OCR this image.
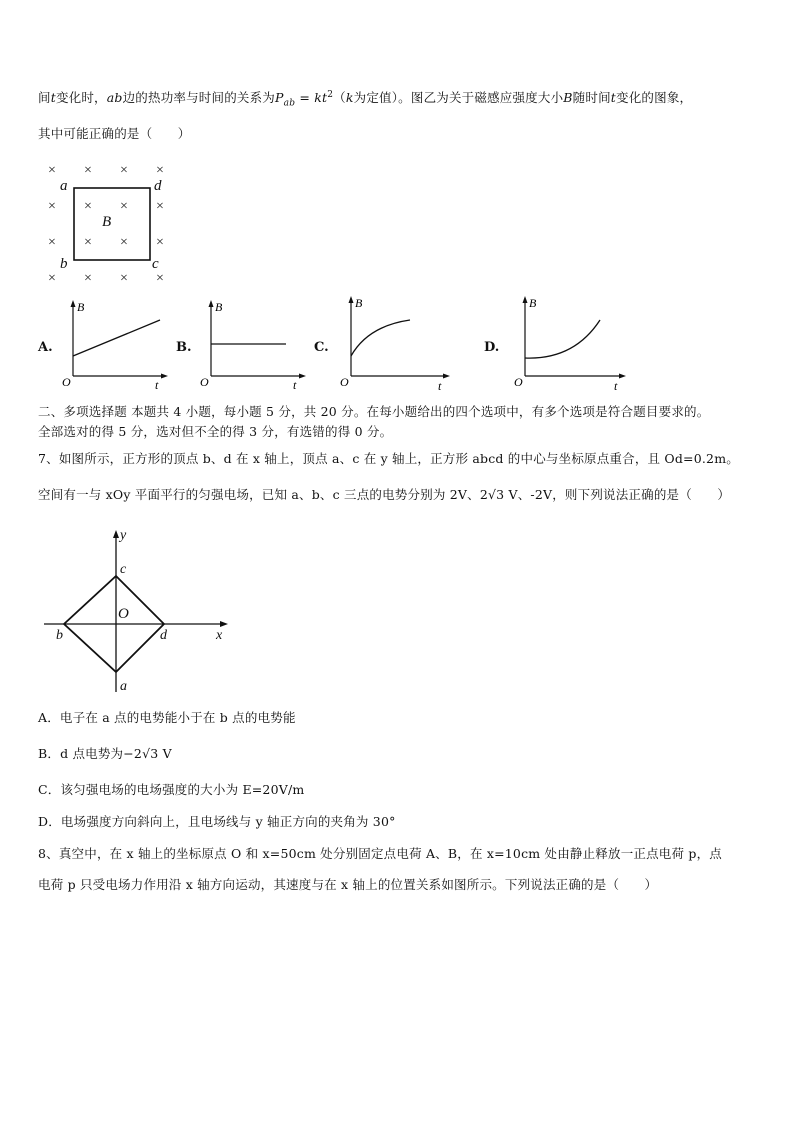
间t变化时，ab边的热功率与时间的关系为$P_{ab} = kt^2(k$为定值）。图乙为关于磁感应强度大小B随时间t变化的图象，
其中可能正确的是（　　）
× × × ×
× × × ×
× × × ×
× × × ×
a	d
b	c
B
A.
B
O	t
B.
B
O	t
C.
B
O	t
D.
B
O	t
二、多项选择题 本题共 4 小题，每小题 5 分，共 20 分。在每小题给出的四个选项中，有多个选项是符合题目要求的。
全部选对的得 5 分，选对但不全的得 3 分，有选错的得 0 分。
7、如图所示，正方形的顶点 b、d 在 x 轴上，顶点 a、c 在 y 轴上，正方形 abcd 的中心与坐标原点重合，且 Od=0.2m。
空间有一与 xOy 平面平行的匀强电场，已知 a、b、c 三点的电势分别为 2V、2√3 V、-2V，则下列说法正确的是（　　）
y
x
O
c
b	d
a
A．电子在 a 点的电势能小于在 b 点的电势能
B．d 点电势为−2√3 V
C．该匀强电场的电场强度的大小为 E=20V/m
D．电场强度方向斜向上，且电场线与 y 轴正方向的夹角为 30°
8、真空中，在 x 轴上的坐标原点 O 和 x=50cm 处分别固定点电荷 A、B，在 x=10cm 处由静止释放一正点电荷 p，点
电荷 p 只受电场力作用沿 x 轴方向运动，其速度与在 x 轴上的位置关系如图所示。下列说法正确的是（　　）
